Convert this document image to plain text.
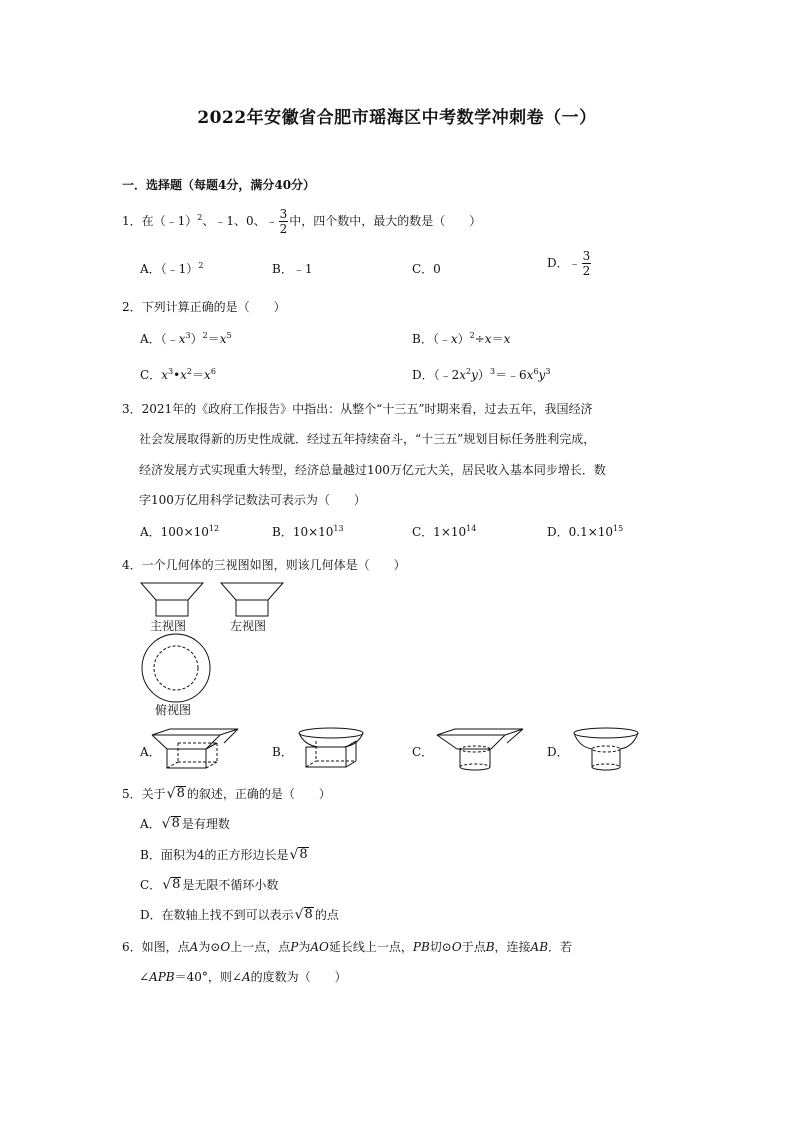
2022年安徽省合肥市瑶海区中考数学冲刺卷（一）
一．选择题（每题4分，满分40分）
1．在（﹣1）$^2$、﹣1、0、﹣ $\frac{3}{2}$ 中，四个数中，最大的数是（　　）
A．（﹣1）$^2$	B．﹣1	C．0	D．﹣ $\frac{3}{2}$
2．下列计算正确的是（　　）
A．$(﹣x^3)^2=x^5$	B．（﹣x）$^2$÷x＝x
C．$x^3•x^2=x^6$	D．$(﹣2x^2y)^3=﹣6x^6y^3$
3．2021年的《政府工作报告》中指出：从整个“十三五”时期来看，过去五年，我国经济
社会发展取得新的历史性成就．经过五年持续奋斗，“十三五”规划目标任务胜利完成，
经济发展方式实现重大转型，经济总量越过100万亿元大关，居民收入基本同步增长．数
字100万亿用科学记数法可表示为（　　）
A．$100\times 10^{12}$	B．$10\times 10^{13}$	C．$1\times 10^{14}$	D．$0.1\times 10^{15}$
4．一个几何体的三视图如图，则该几何体是（　　）
主视图	左视图
俯视图
A．	B．	C．	D．
5．关于 √ 8 的叙述，正确的是（　　）
A． √ 8 是有理数
B．面积为4的正方形边长是 √ 8
C． √ 8 是无限不循环小数
D．在数轴上找不到可以表示 √ 8 的点
6．如图，点A为⊙O上一点，点P为AO延长线上一点，PB切⊙O于点B，连接AB．若
∠APB＝40°，则∠A的度数为（　　）
